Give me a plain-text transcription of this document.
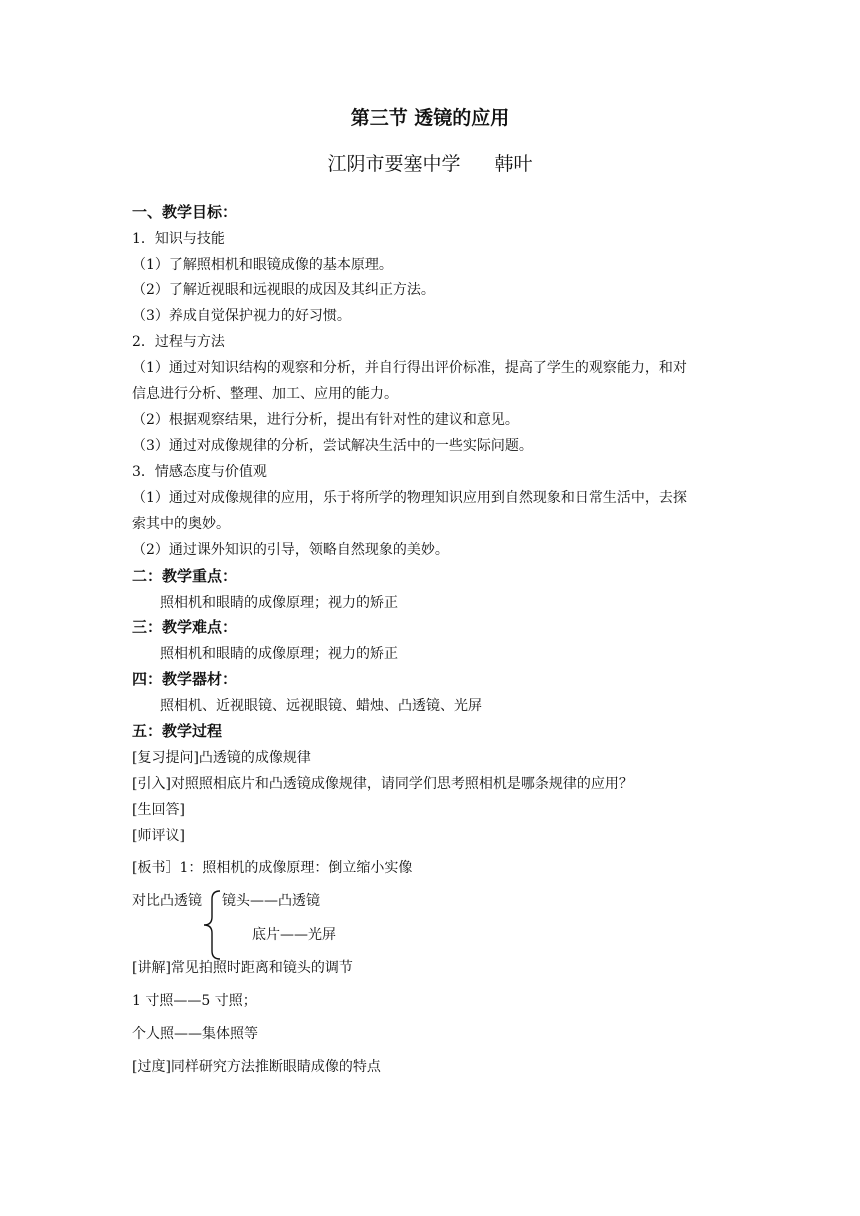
第三节 透镜的应用
江阴市要塞中学 韩叶
一、教学目标：
1．知识与技能
（1）了解照相机和眼镜成像的基本原理。
（2）了解近视眼和远视眼的成因及其纠正方法。
（3）养成自觉保护视力的好习惯。
2．过程与方法
（1）通过对知识结构的观察和分析，并自行得出评价标准，提高了学生的观察能力，和对
信息进行分析、整理、加工、应用的能力。
（2）根据观察结果，进行分析，提出有针对性的建议和意见。
（3）通过对成像规律的分析，尝试解决生活中的一些实际问题。
3．情感态度与价值观
（1）通过对成像规律的应用，乐于将所学的物理知识应用到自然现象和日常生活中，去探
索其中的奥妙。
（2）通过课外知识的引导，领略自然现象的美妙。
二：教学重点：
照相机和眼睛的成像原理；视力的矫正
三：教学难点：
照相机和眼睛的成像原理；视力的矫正
四：教学器材：
照相机、近视眼镜、远视眼镜、蜡烛、凸透镜、光屏
五：教学过程
[复习提问]凸透镜的成像规律
[引入]对照照相底片和凸透镜成像规律，请同学们思考照相机是哪条规律的应用？
[生回答]
[师评议]
[板书］1：照相机的成像原理：倒立缩小实像
对比凸透镜 镜头——凸透镜
底片——光屏
[讲解]常见拍照时距离和镜头的调节
1 寸照——5 寸照；
个人照——集体照等
[过度]同样研究方法推断眼睛成像的特点
